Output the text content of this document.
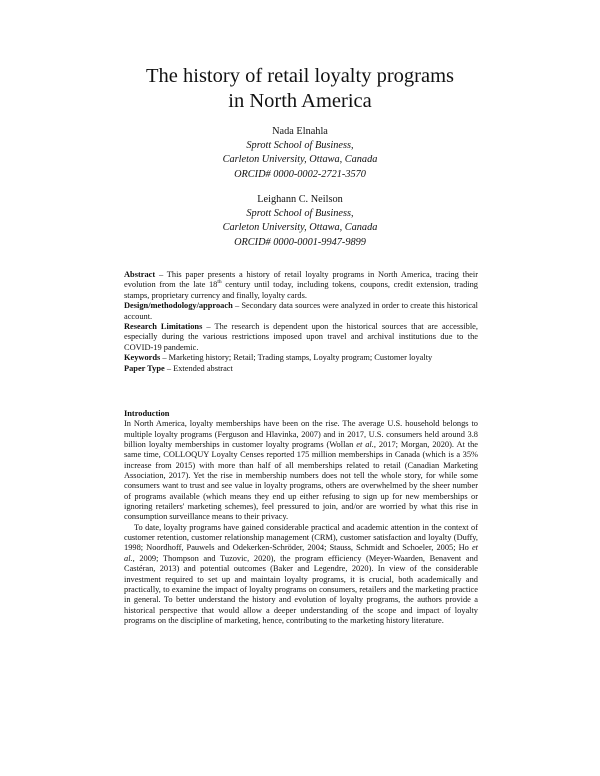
The history of retail loyalty programs
in North America
Nada Elnahla
Sprott School of Business,
Carleton University, Ottawa, Canada
ORCID# 0000-0002-2721-3570
Leighann C. Neilson
Sprott School of Business,
Carleton University, Ottawa, Canada
ORCID# 0000-0001-9947-9899

Abstract – This paper presents a history of retail loyalty programs in North America, tracing their evolution from the late 18th century until today, including tokens, coupons, credit extension, trading stamps, proprietary currency and finally, loyalty cards.

Design/methodology/approach – Secondary data sources were analyzed in order to create this historical account.

Research Limitations – The research is dependent upon the historical sources that are accessible, especially during the various restrictions imposed upon travel and archival institutions due to the COVID-19 pandemic.

Keywords – Marketing history; Retail; Trading stamps, Loyalty program; Customer loyalty

Paper Type – Extended abstract

Introduction

In North America, loyalty memberships have been on the rise. The average U.S. household belongs to multiple loyalty programs (Ferguson and Hlavinka, 2007) and in 2017, U.S. consumers held around 3.8 billion loyalty memberships in customer loyalty programs (Wollan et al., 2017; Morgan, 2020). At the same time, COLLOQUY Loyalty Censes reported 175 million memberships in Canada (which is a 35% increase from 2015) with more than half of all memberships related to retail (Canadian Marketing Association, 2017). Yet the rise in membership numbers does not tell the whole story, for while some consumers want to trust and see value in loyalty programs, others are overwhelmed by the sheer number of programs available (which means they end up either refusing to sign up for new memberships or ignoring retailers' marketing schemes), feel pressured to join, and/or are worried by what this rise in consumption surveillance means to their privacy.

To date, loyalty programs have gained considerable practical and academic attention in the context of customer retention, customer relationship management (CRM), customer satisfaction and loyalty (Duffy, 1998; Noordhoff, Pauwels and Odekerken-Schröder, 2004; Stauss, Schmidt and Schoeler, 2005; Ho et al., 2009; Thompson and Tuzovic, 2020), the program efficiency (Meyer-Waarden, Benavent and Castéran, 2013) and potential outcomes (Baker and Legendre, 2020). In view of the considerable investment required to set up and maintain loyalty programs, it is crucial, both academically and practically, to examine the impact of loyalty programs on consumers, retailers and the marketing practice in general. To better understand the history and evolution of loyalty programs, the authors provide a historical perspective that would allow a deeper understanding of the scope and impact of loyalty programs on the discipline of marketing, hence, contributing to the marketing history literature.
